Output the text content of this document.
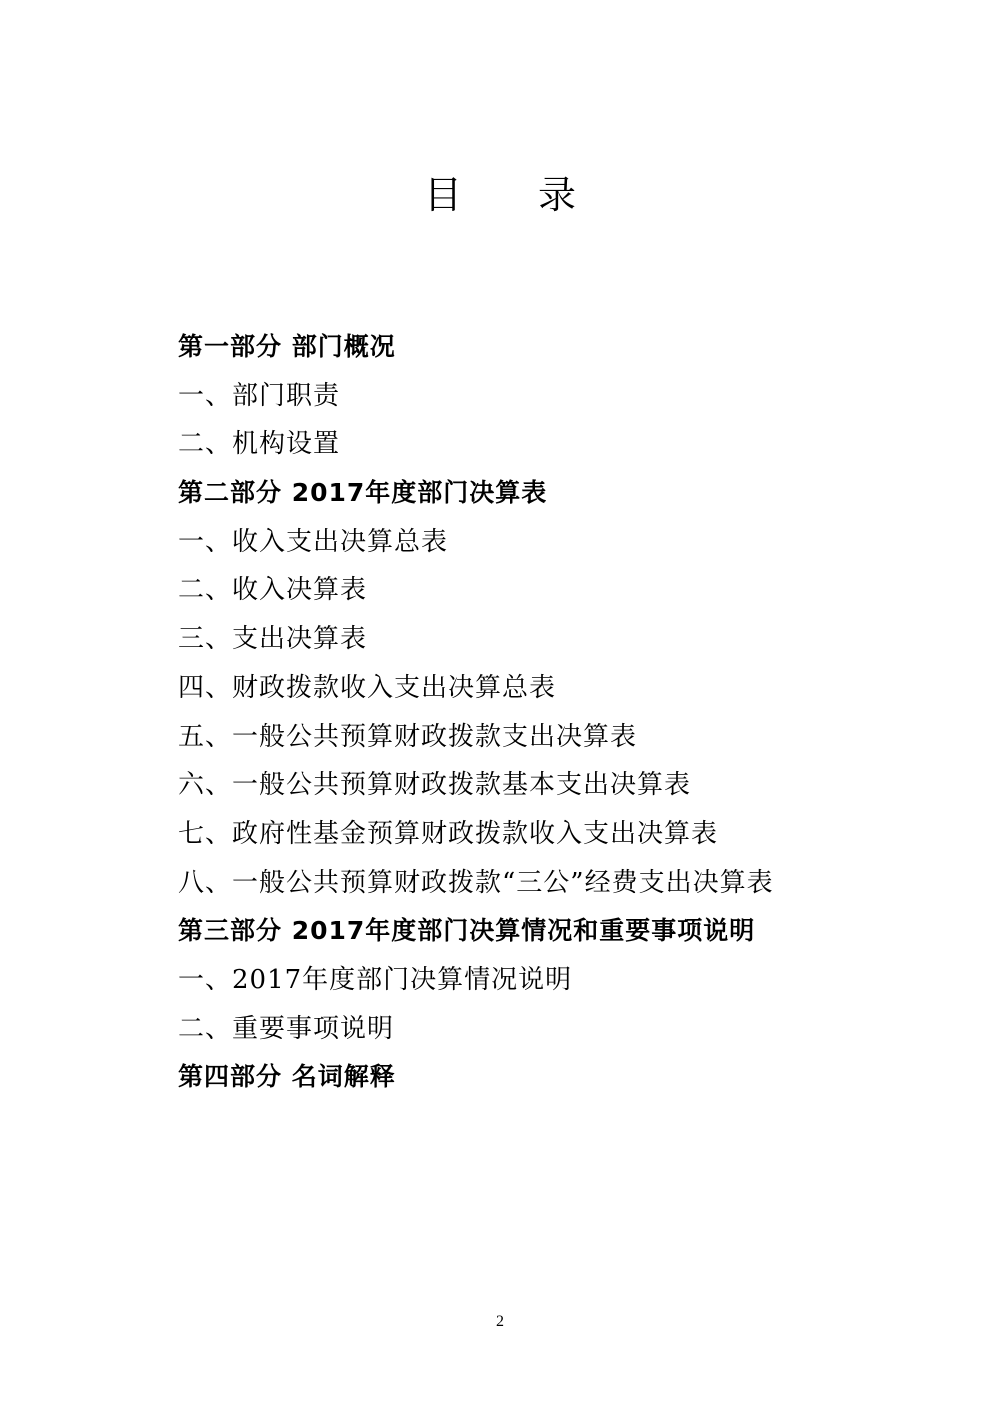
目 录
第一部分 部门概况
一、部门职责
二、机构设置
第二部分 2017年度部门决算表
一、收入支出决算总表
二、收入决算表
三、支出决算表
四、财政拨款收入支出决算总表
五、一般公共预算财政拨款支出决算表
六、一般公共预算财政拨款基本支出决算表
七、政府性基金预算财政拨款收入支出决算表
八、一般公共预算财政拨款“三公”经费支出决算表
第三部分 2017年度部门决算情况和重要事项说明
一、2017年度部门决算情况说明
二、重要事项说明
第四部分 名词解释
2
